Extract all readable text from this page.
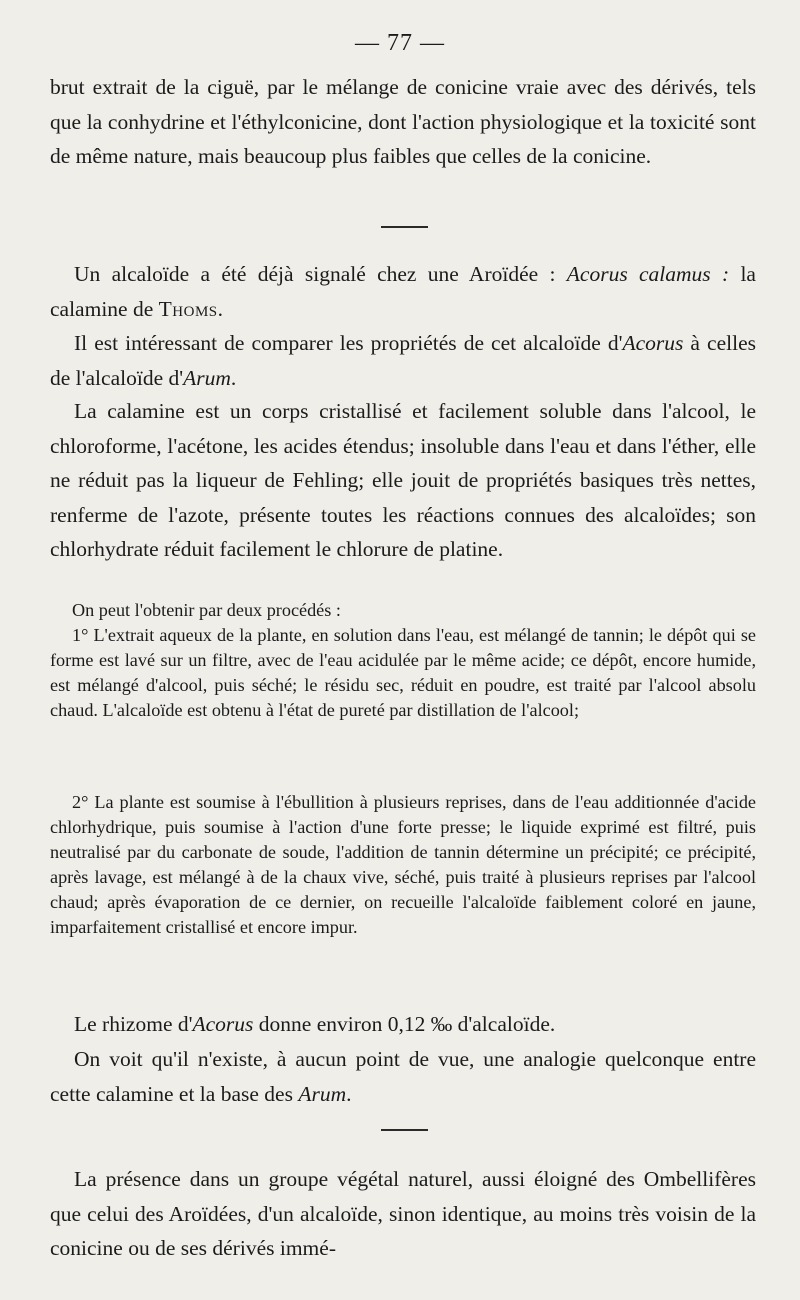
— 77 —

brut extrait de la ciguë, par le mélange de conicine vraie avec des dérivés, tels que la conhydrine et l'éthylconicine, dont l'action physiologique et la toxicité sont de même nature, mais beaucoup plus faibles que celles de la conicine.

Un alcaloïde a été déjà signalé chez une Aroïdée : Acorus calamus : la calamine de Thoms.

Il est intéressant de comparer les propriétés de cet alcaloïde d'Acorus à celles de l'alcaloïde d'Arum.

La calamine est un corps cristallisé et facilement soluble dans l'alcool, le chloroforme, l'acétone, les acides étendus; insoluble dans l'eau et dans l'éther, elle ne réduit pas la liqueur de Fehling; elle jouit de propriétés basiques très nettes, renferme de l'azote, présente toutes les réactions connues des alcaloïdes; son chlorhydrate réduit facilement le chlorure de platine.

On peut l'obtenir par deux procédés :

1° L'extrait aqueux de la plante, en solution dans l'eau, est mélangé de tannin; le dépôt qui se forme est lavé sur un filtre, avec de l'eau acidulée par le même acide; ce dépôt, encore humide, est mélangé d'alcool, puis séché; le résidu sec, réduit en poudre, est traité par l'alcool absolu chaud. L'alcaloïde est obtenu à l'état de pureté par distillation de l'alcool;

2° La plante est soumise à l'ébullition à plusieurs reprises, dans de l'eau additionnée d'acide chlorhydrique, puis soumise à l'action d'une forte presse; le liquide exprimé est filtré, puis neutralisé par du carbonate de soude, l'addition de tannin détermine un précipité; ce précipité, après lavage, est mélangé à de la chaux vive, séché, puis traité à plusieurs reprises par l'alcool chaud; après évaporation de ce dernier, on recueille l'alcaloïde faiblement coloré en jaune, imparfaitement cristallisé et encore impur.

Le rhizome d'Acorus donne environ 0,12 ‰ d'alcaloïde.

On voit qu'il n'existe, à aucun point de vue, une analogie quelconque entre cette calamine et la base des Arum.

La présence dans un groupe végétal naturel, aussi éloigné des Ombellifères que celui des Aroïdées, d'un alcaloïde, sinon identique, au moins très voisin de la conicine ou de ses dérivés immé-
